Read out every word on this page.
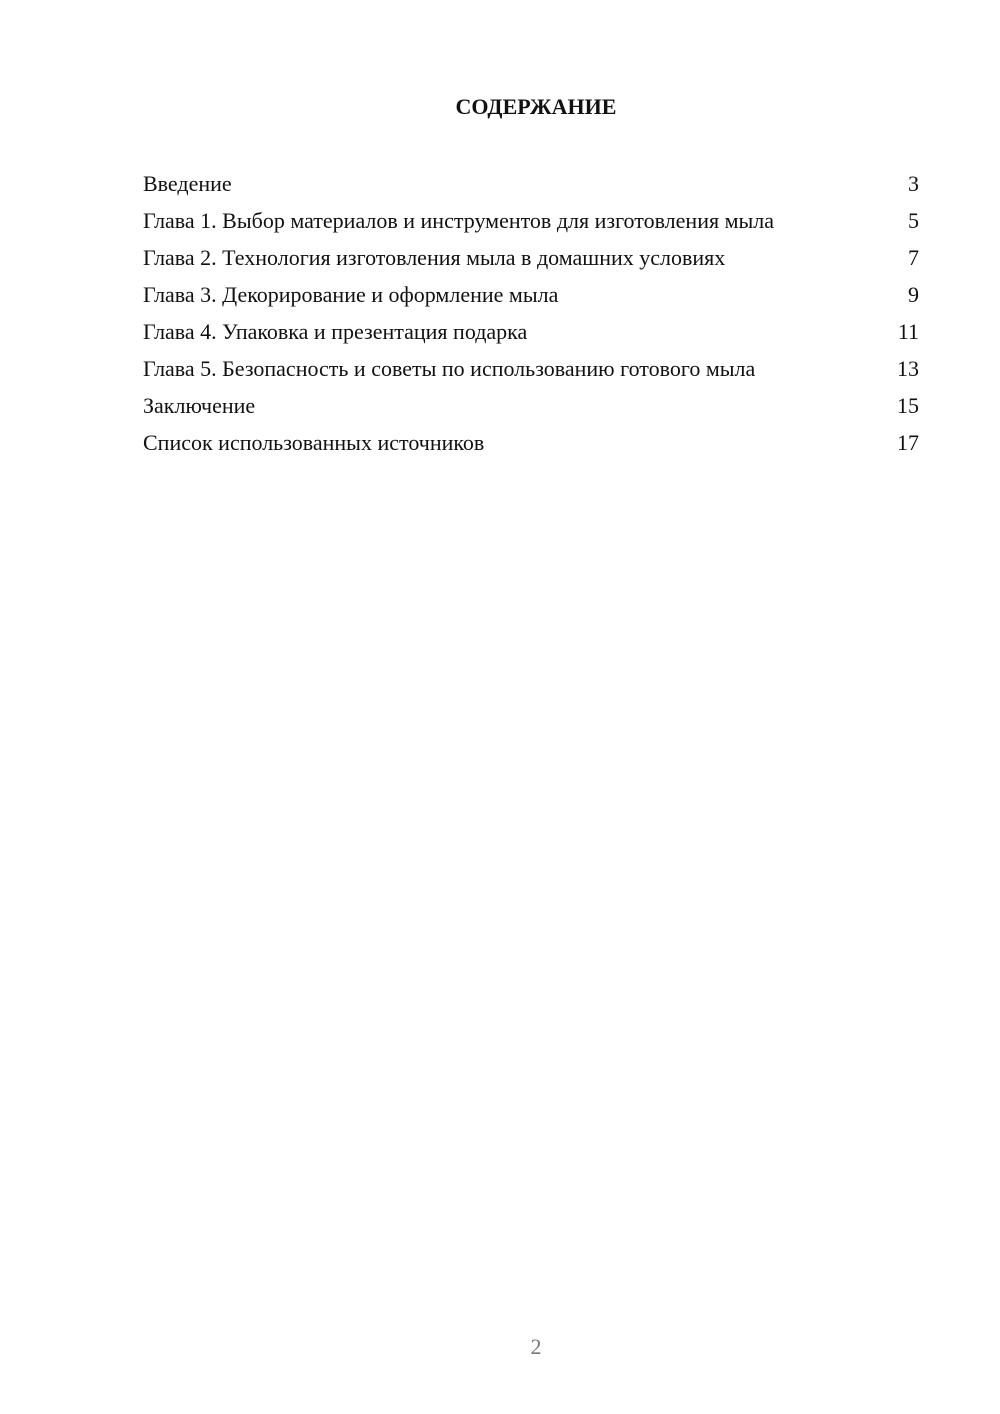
СОДЕРЖАНИЕ
Введение	3
Глава 1. Выбор материалов и инструментов для изготовления мыла	5
Глава 2. Технология изготовления мыла в домашних условиях	7
Глава 3. Декорирование и оформление мыла	9
Глава 4. Упаковка и презентация подарка	11
Глава 5. Безопасность и советы по использованию готового мыла	13
Заключение	15
Список использованных источников	17
2
